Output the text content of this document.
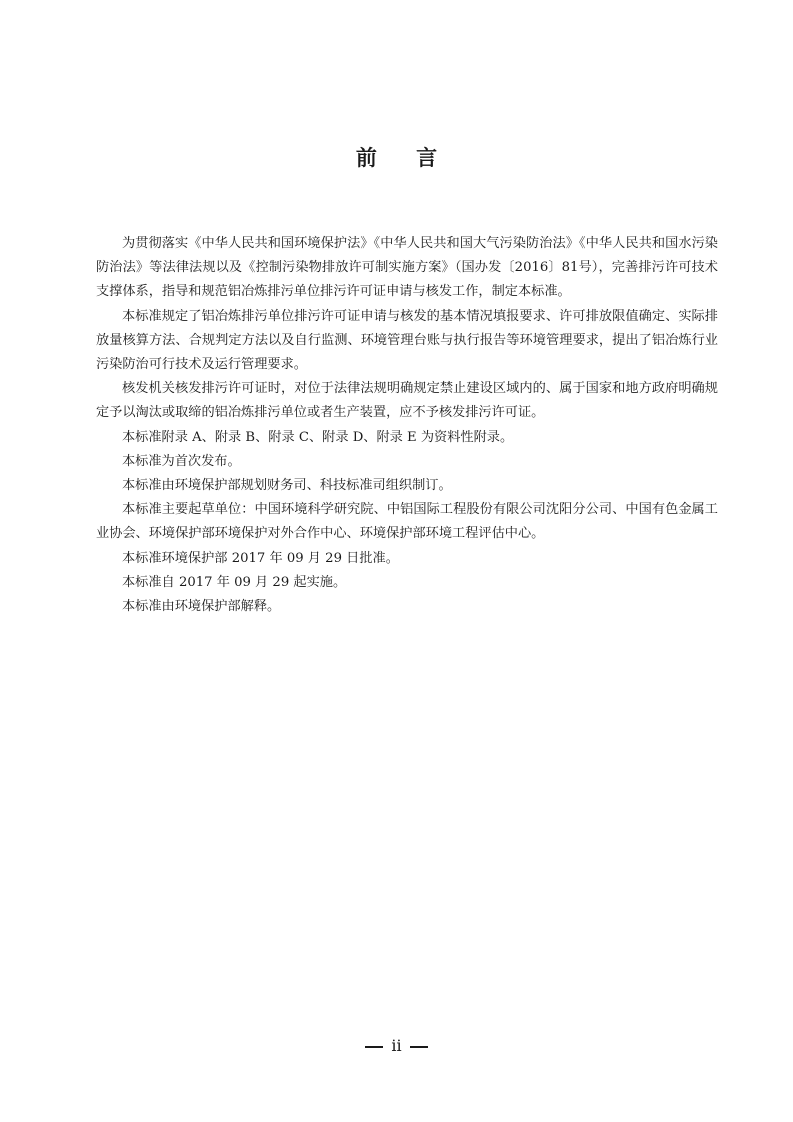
前 言

为贯彻落实《中华人民共和国环境保护法》《中华人民共和国大气污染防治法》《中华人民共和国水污染防治法》等法律法规以及《控制污染物排放许可制实施方案》（国办发〔2016〕81号），完善排污许可技术支撑体系，指导和规范铝冶炼排污单位排污许可证申请与核发工作，制定本标准。

本标准规定了铝冶炼排污单位排污许可证申请与核发的基本情况填报要求、许可排放限值确定、实际排放量核算方法、合规判定方法以及自行监测、环境管理台账与执行报告等环境管理要求，提出了铝冶炼行业污染防治可行技术及运行管理要求。

核发机关核发排污许可证时，对位于法律法规明确规定禁止建设区域内的、属于国家和地方政府明确规定予以淘汰或取缔的铝冶炼排污单位或者生产装置，应不予核发排污许可证。

本标准附录 A、附录 B、附录 C、附录 D、附录 E 为资料性附录。

本标准为首次发布。

本标准由环境保护部规划财务司、科技标准司组织制订。

本标准主要起草单位：中国环境科学研究院、中铝国际工程股份有限公司沈阳分公司、中国有色金属工业协会、环境保护部环境保护对外合作中心、环境保护部环境工程评估中心。

本标准环境保护部 2017 年 09 月 29 日批准。

本标准自 2017 年 09 月 29 起实施。

本标准由环境保护部解释。

ii
